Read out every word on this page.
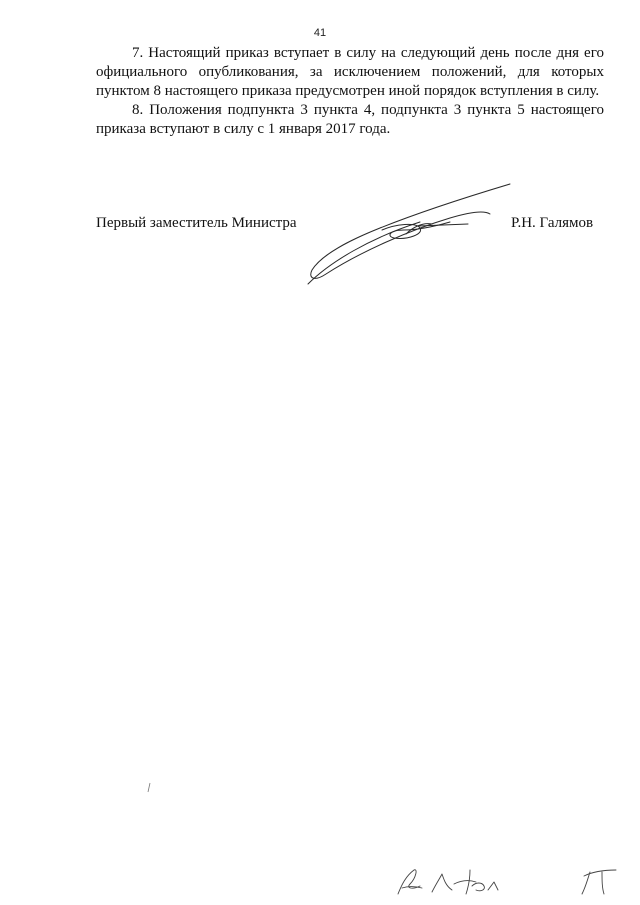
41

7. Настоящий приказ вступает в силу на следующий день после дня его официального опубликования, за исключением положений, для которых пунктом 8 настоящего приказа предусмотрен иной порядок вступления в силу.

8. Положения подпункта 3 пункта 4, подпункта 3 пункта 5 настоящего приказа вступают в силу с 1 января 2017 года.

Первый заместитель Министра	Р.Н. Галямов
